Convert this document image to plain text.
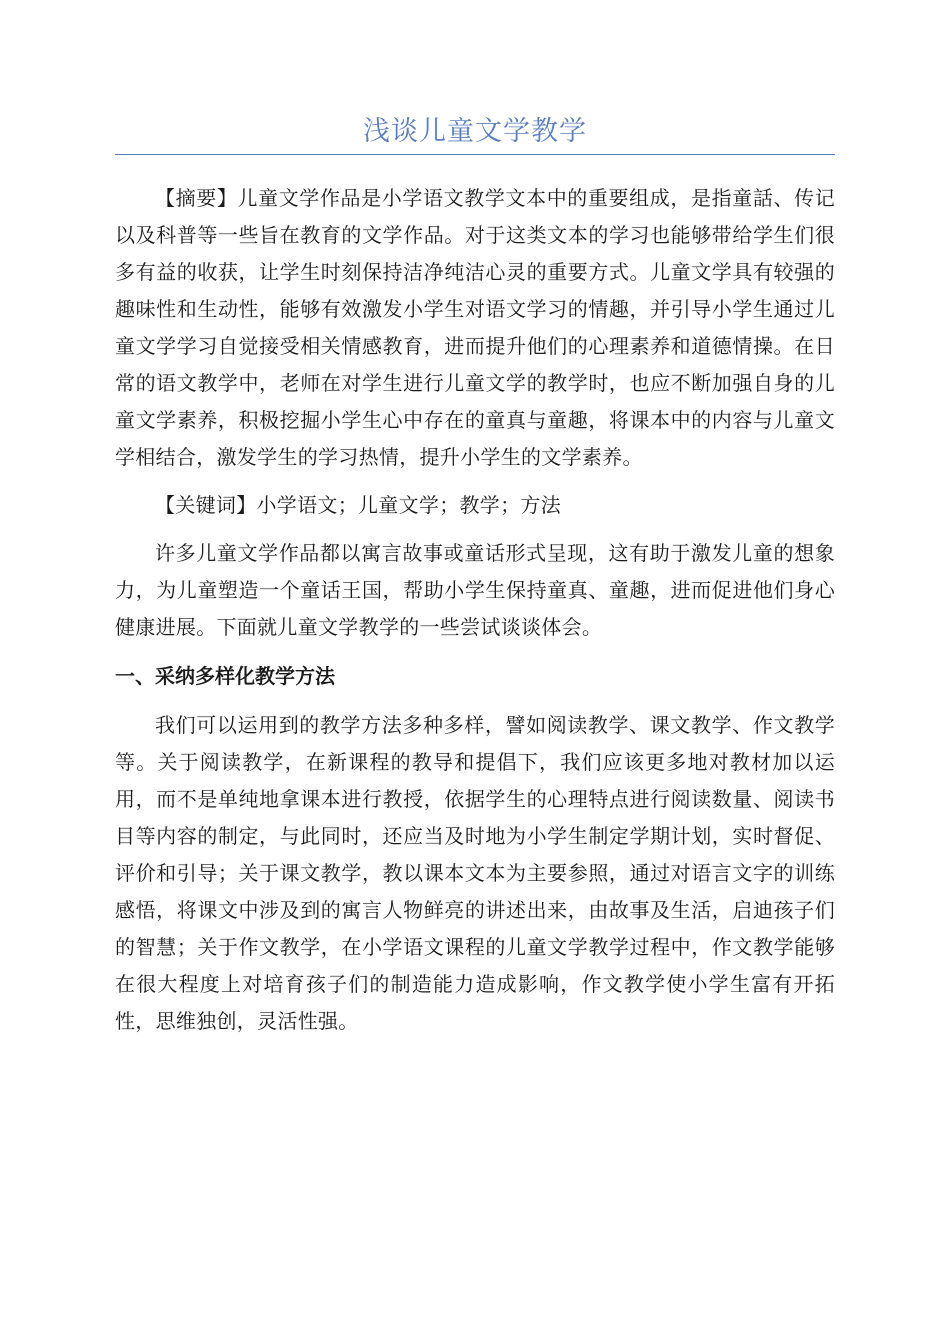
浅谈儿童文学教学

【摘要】儿童文学作品是小学语文教学文本中的重要组成，是指童話、传记以及科普等一些旨在教育的文学作品。对于这类文本的学习也能够带给学生们很多有益的收获，让学生时刻保持洁净纯洁心灵的重要方式。儿童文学具有较强的趣味性和生动性，能够有效激发小学生对语文学习的情趣，并引导小学生通过儿童文学学习自觉接受相关情感教育，进而提升他们的心理素养和道德情操。在日常的语文教学中，老师在对学生进行儿童文学的教学时，也应不断加强自身的儿童文学素养，积极挖掘小学生心中存在的童真与童趣，将课本中的内容与儿童文学相结合，激发学生的学习热情，提升小学生的文学素养。

【关键词】小学语文；儿童文学；教学；方法

许多儿童文学作品都以寓言故事或童话形式呈现，这有助于激发儿童的想象力，为儿童塑造一个童话王国，帮助小学生保持童真、童趣，进而促进他们身心健康进展。下面就儿童文学教学的一些尝试谈谈体会。

一、采纳多样化教学方法

我们可以运用到的教学方法多种多样，譬如阅读教学、课文教学、作文教学等。关于阅读教学，在新课程的教导和提倡下，我们应该更多地对教材加以运用，而不是单纯地拿课本进行教授，依据学生的心理特点进行阅读数量、阅读书目等内容的制定，与此同时，还应当及时地为小学生制定学期计划，实时督促、评价和引导；关于课文教学，教以课本文本为主要参照，通过对语言文字的训练感悟，将课文中涉及到的寓言人物鲜亮的讲述出来，由故事及生活，启迪孩子们的智慧；关于作文教学，在小学语文课程的儿童文学教学过程中，作文教学能够在很大程度上对培育孩子们的制造能力造成影响，作文教学使小学生富有开拓性，思维独创，灵活性强。
